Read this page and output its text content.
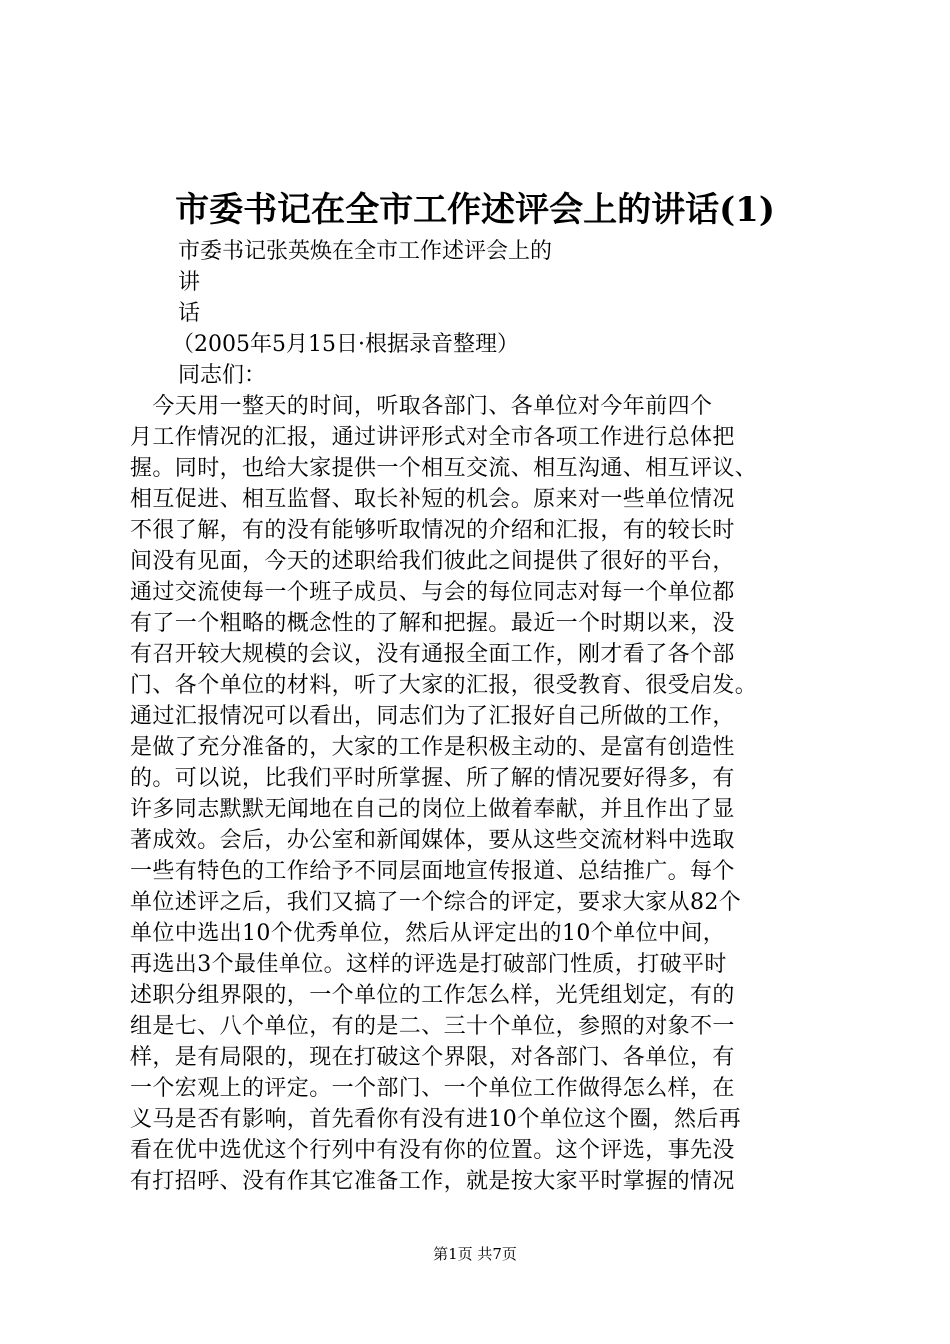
市委书记在全市工作述评会上的讲话(1)
市委书记张英焕在全市工作述评会上的
讲
话
（2005年5月15日·根据录音整理）
同志们：
　今天用一整天的时间，听取各部门、各单位对今年前四个
月工作情况的汇报，通过讲评形式对全市各项工作进行总体把
握。同时，也给大家提供一个相互交流、相互沟通、相互评议、
相互促进、相互监督、取长补短的机会。原来对一些单位情况
不很了解，有的没有能够听取情况的介绍和汇报，有的较长时
间没有见面，今天的述职给我们彼此之间提供了很好的平台，
通过交流使每一个班子成员、与会的每位同志对每一个单位都
有了一个粗略的概念性的了解和把握。最近一个时期以来，没
有召开较大规模的会议，没有通报全面工作，刚才看了各个部
门、各个单位的材料，听了大家的汇报，很受教育、很受启发。
通过汇报情况可以看出，同志们为了汇报好自己所做的工作，
是做了充分准备的，大家的工作是积极主动的、是富有创造性
的。可以说，比我们平时所掌握、所了解的情况要好得多，有
许多同志默默无闻地在自己的岗位上做着奉献，并且作出了显
著成效。会后，办公室和新闻媒体，要从这些交流材料中选取
一些有特色的工作给予不同层面地宣传报道、总结推广。每个
单位述评之后，我们又搞了一个综合的评定，要求大家从82个
单位中选出10个优秀单位，然后从评定出的10个单位中间，
再选出3个最佳单位。这样的评选是打破部门性质，打破平时
述职分组界限的，一个单位的工作怎么样，光凭组划定，有的
组是七、八个单位，有的是二、三十个单位，参照的对象不一
样，是有局限的，现在打破这个界限，对各部门、各单位，有
一个宏观上的评定。一个部门、一个单位工作做得怎么样，在
义马是否有影响，首先看你有没有进10个单位这个圈，然后再
看在优中选优这个行列中有没有你的位置。这个评选，事先没
有打招呼、没有作其它准备工作，就是按大家平时掌握的情况
第1页 共7页
